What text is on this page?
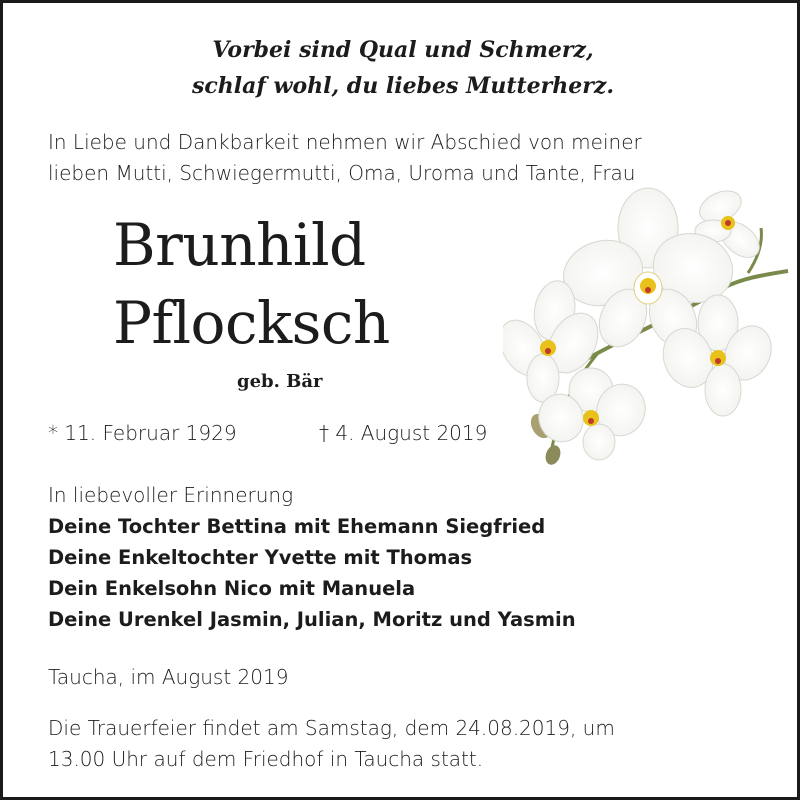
Vorbei sind Qual und Schmerz,
schlaf wohl, du liebes Mutterherz.
In Liebe und Dankbarkeit nehmen wir Abschied von meiner
lieben Mutti, Schwiegermutti, Oma, Uroma und Tante, Frau
Brunhild
Pflocksch
geb. Bär
* 11. Februar 1929	† 4. August 2019
In liebevoller Erinnerung
Deine Tochter Bettina mit Ehemann Siegfried
Deine Enkeltochter Yvette mit Thomas
Dein Enkelsohn Nico mit Manuela
Deine Urenkel Jasmin, Julian, Moritz und Yasmin
Taucha, im August 2019
Die Trauerfeier findet am Samstag, dem 24.08.2019, um
13.00 Uhr auf dem Friedhof in Taucha statt.
